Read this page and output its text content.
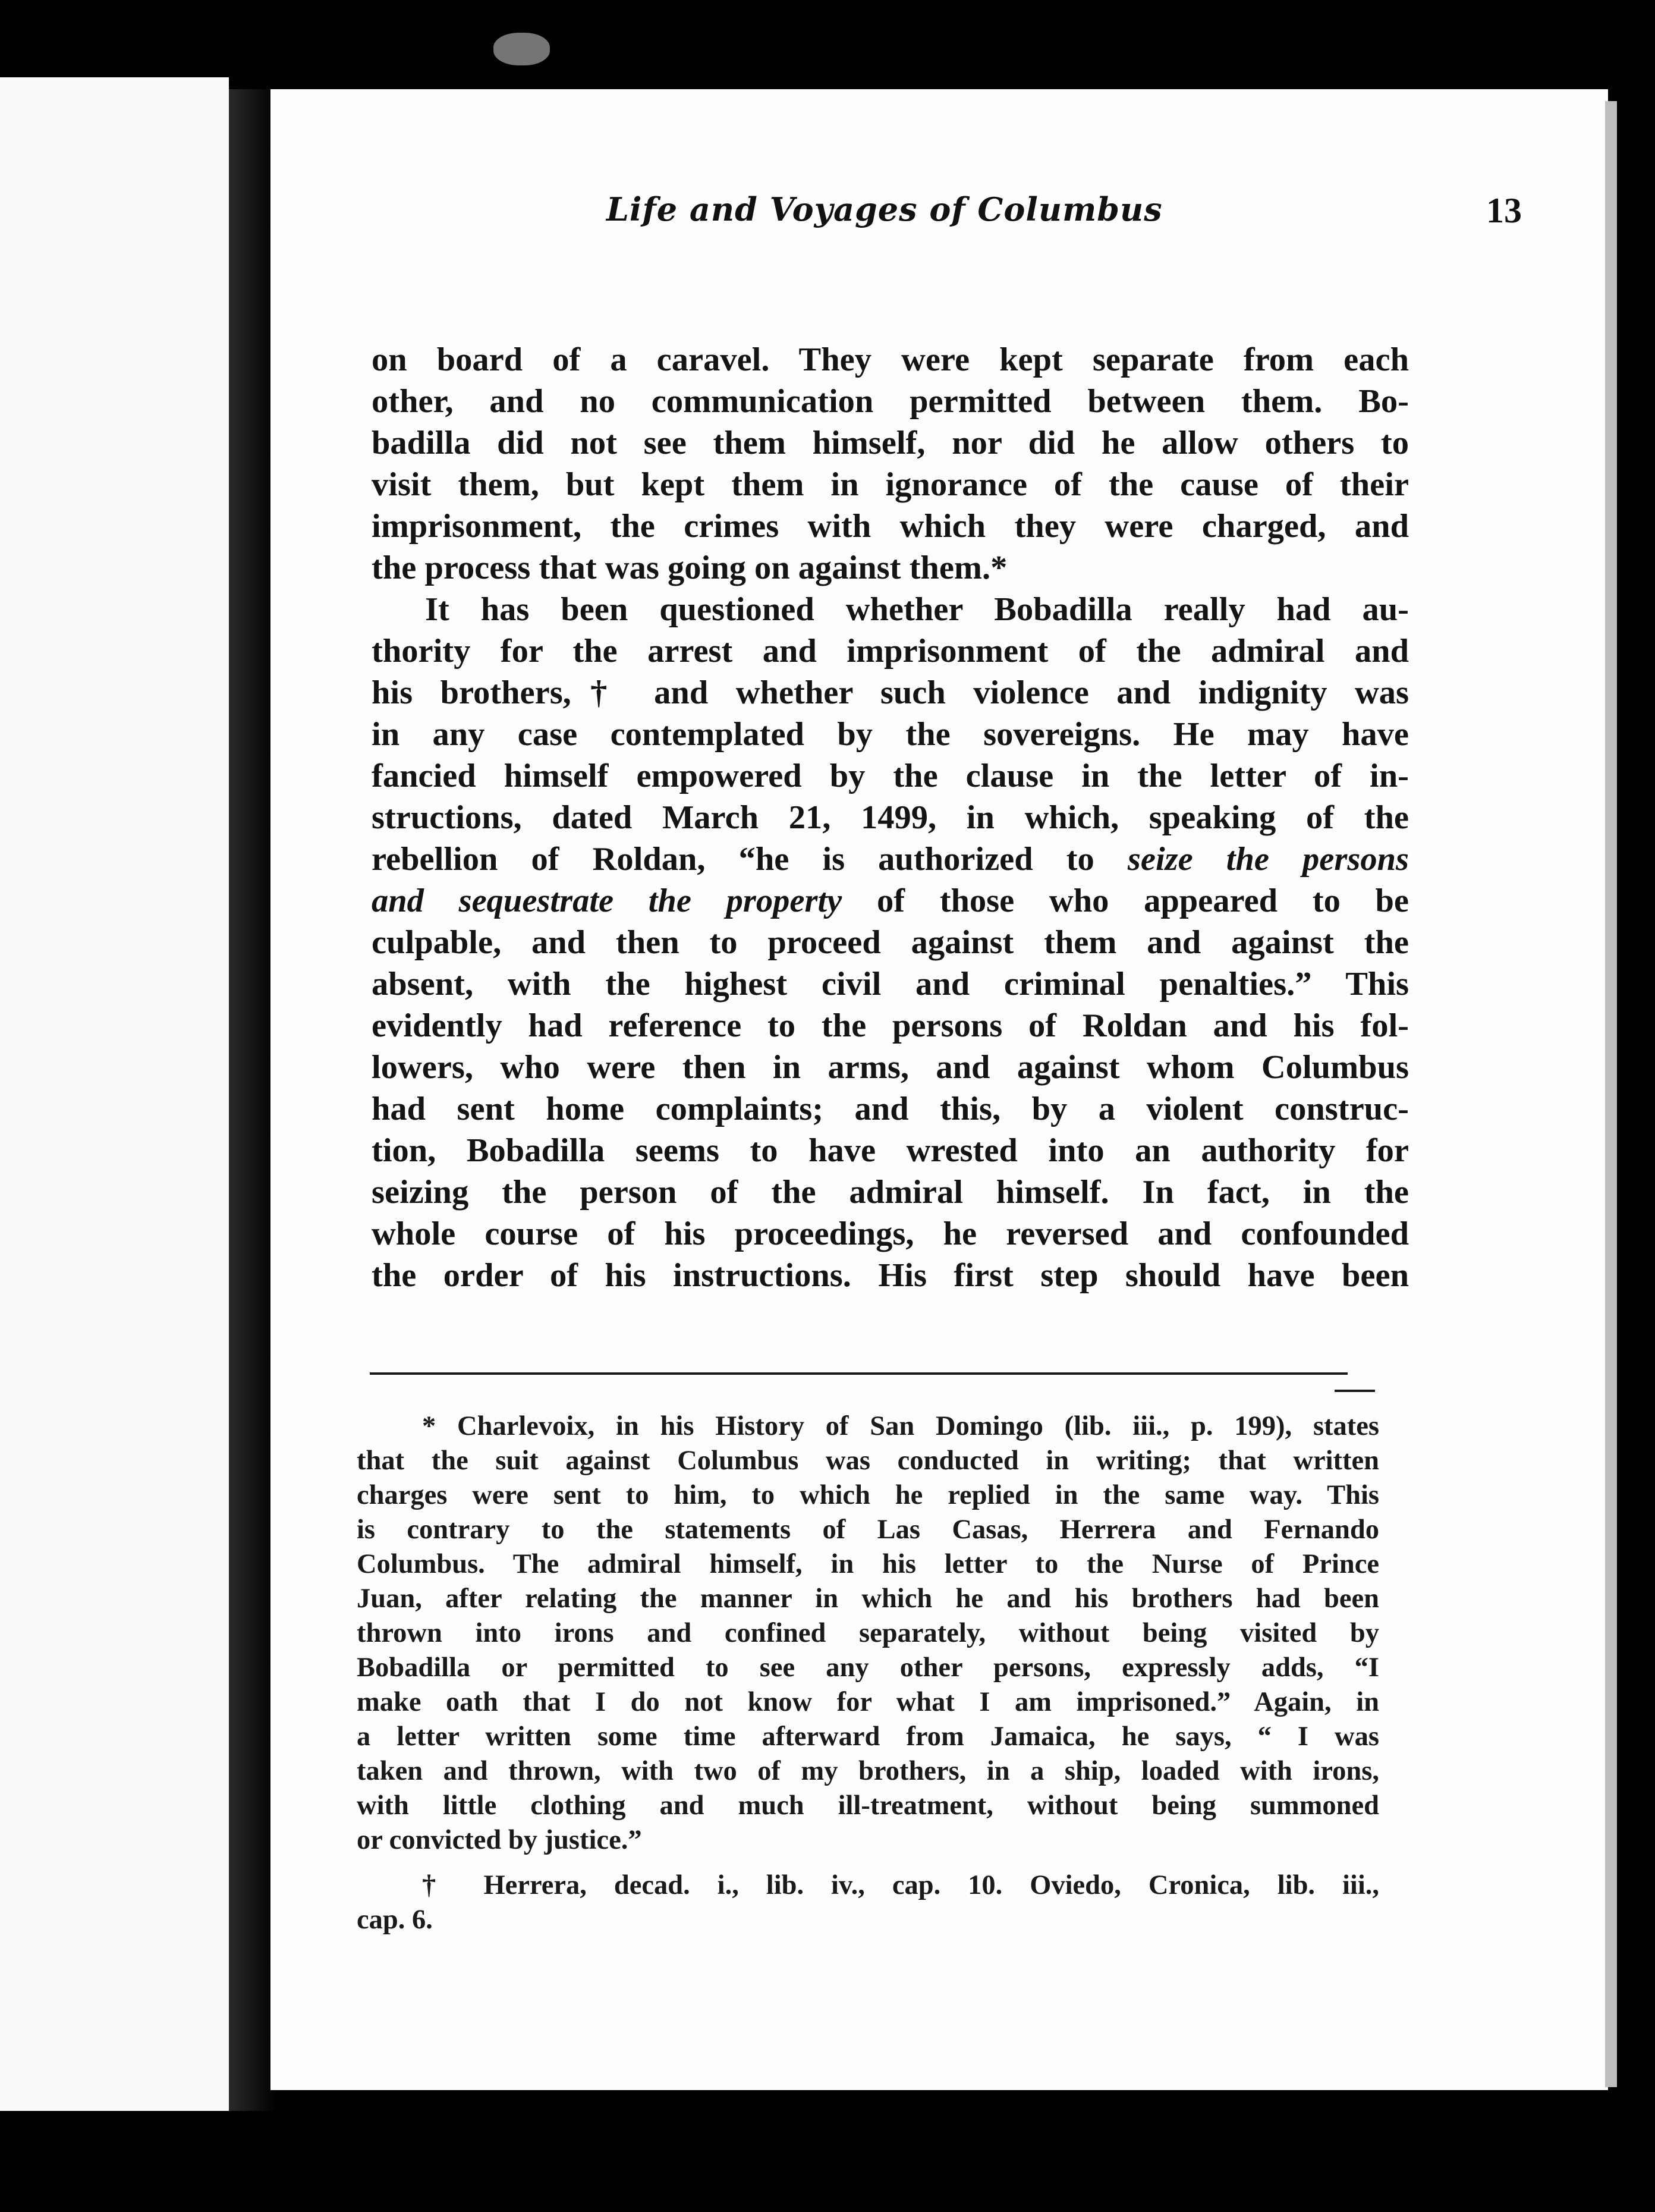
Life and Voyages of Columbus	13
on board of a caravel. They were kept separate from each
other, and no communication permitted between them. Bo-
badilla did not see them himself, nor did he allow others to
visit them, but kept them in ignorance of the cause of their
imprisonment, the crimes with which they were charged, and
the process that was going on against them.*
It has been questioned whether Bobadilla really had au-
thority for the arrest and imprisonment of the admiral and
his brothers,† and whether such violence and indignity was
in any case contemplated by the sovereigns. He may have
fancied himself empowered by the clause in the letter of in-
structions, dated March 21, 1499, in which, speaking of the
rebellion of Roldan, “he is authorized to seize the persons
and sequestrate the property of those who appeared to be
culpable, and then to proceed against them and against the
absent, with the highest civil and criminal penalties.” This
evidently had reference to the persons of Roldan and his fol-
lowers, who were then in arms, and against whom Columbus
had sent home complaints; and this, by a violent construc-
tion, Bobadilla seems to have wrested into an authority for
seizing the person of the admiral himself. In fact, in the
whole course of his proceedings, he reversed and confounded
the order of his instructions. His first step should have been
* Charlevoix, in his History of San Domingo (lib. iii., p. 199), states
that the suit against Columbus was conducted in writing; that written
charges were sent to him, to which he replied in the same way. This
is contrary to the statements of Las Casas, Herrera and Fernando
Columbus. The admiral himself, in his letter to the Nurse of Prince
Juan, after relating the manner in which he and his brothers had been
thrown into irons and confined separately, without being visited by
Bobadilla or permitted to see any other persons, expressly adds, “I
make oath that I do not know for what I am imprisoned.” Again, in
a letter written some time afterward from Jamaica, he says, “ I was
taken and thrown, with two of my brothers, in a ship, loaded with irons,
with little clothing and much ill-treatment, without being summoned
or convicted by justice.”
† Herrera, decad. i., lib. iv., cap. 10. Oviedo, Cronica, lib. iii.,
cap. 6.
